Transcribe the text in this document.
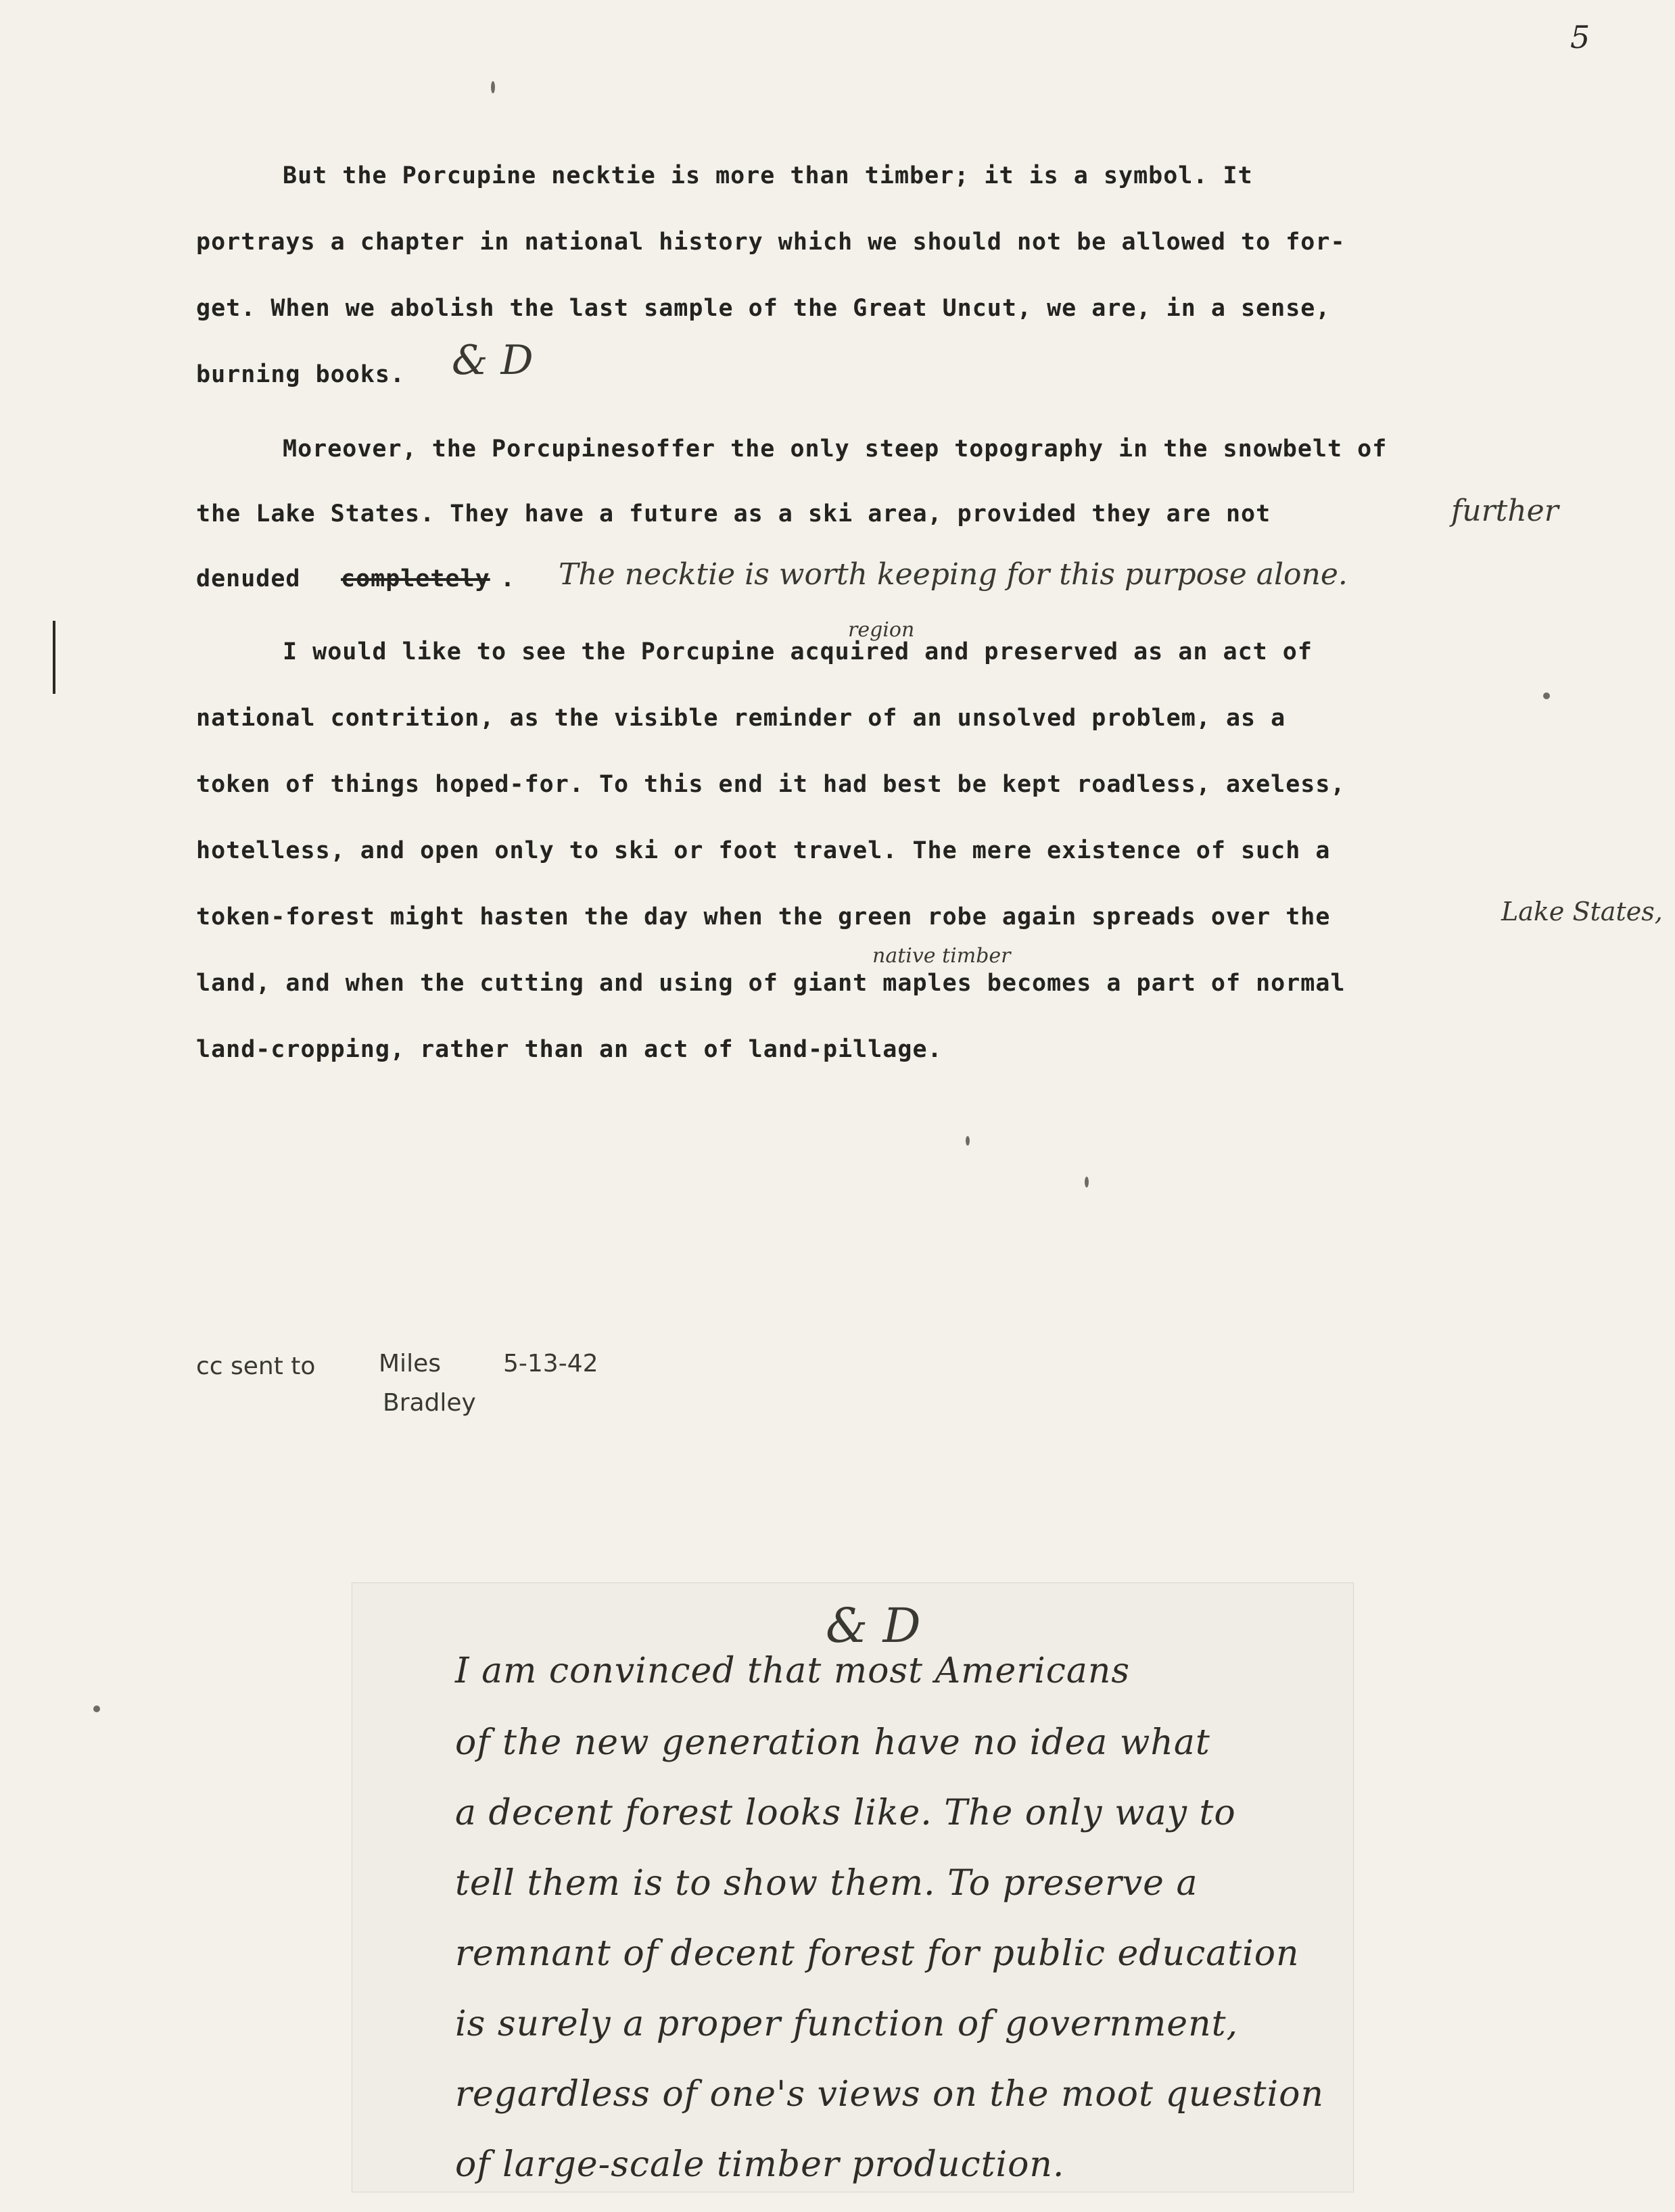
5
But the Porcupine necktie is more than timber; it is a symbol. It
portrays a chapter in national history which we should not be allowed to for-
get. When we abolish the last sample of the Great Uncut, we are, in a sense,
burning books. & D
Moreover, the Porcupinesoffer the only steep topography in the snowbelt of
the Lake States. They have a future as a ski area, provided they are not	further
denuded completely . The necktie is worth keeping for this purpose alone.
I would like to see the Porcupine acquired and preserved as an act of
region
national contrition, as the visible reminder of an unsolved problem, as a
token of things hoped-for. To this end it had best be kept roadless, axeless,
hotelless, and open only to ski or foot travel. The mere existence of such a
token-forest might hasten the day when the green robe again spreads over the	Lake States,
land, and when the cutting and using of giant maples becomes a part of normal
native timber
land-cropping, rather than an act of land-pillage.
cc sent to	Miles
Bradley
5-13-42
& D
I am convinced that most Americans
of the new generation have no idea what
a decent forest looks like. The only way to
tell them is to show them. To preserve a
remnant of decent forest for public education
is surely a proper function of government,
regardless of one's views on the moot question
of large-scale timber production.
